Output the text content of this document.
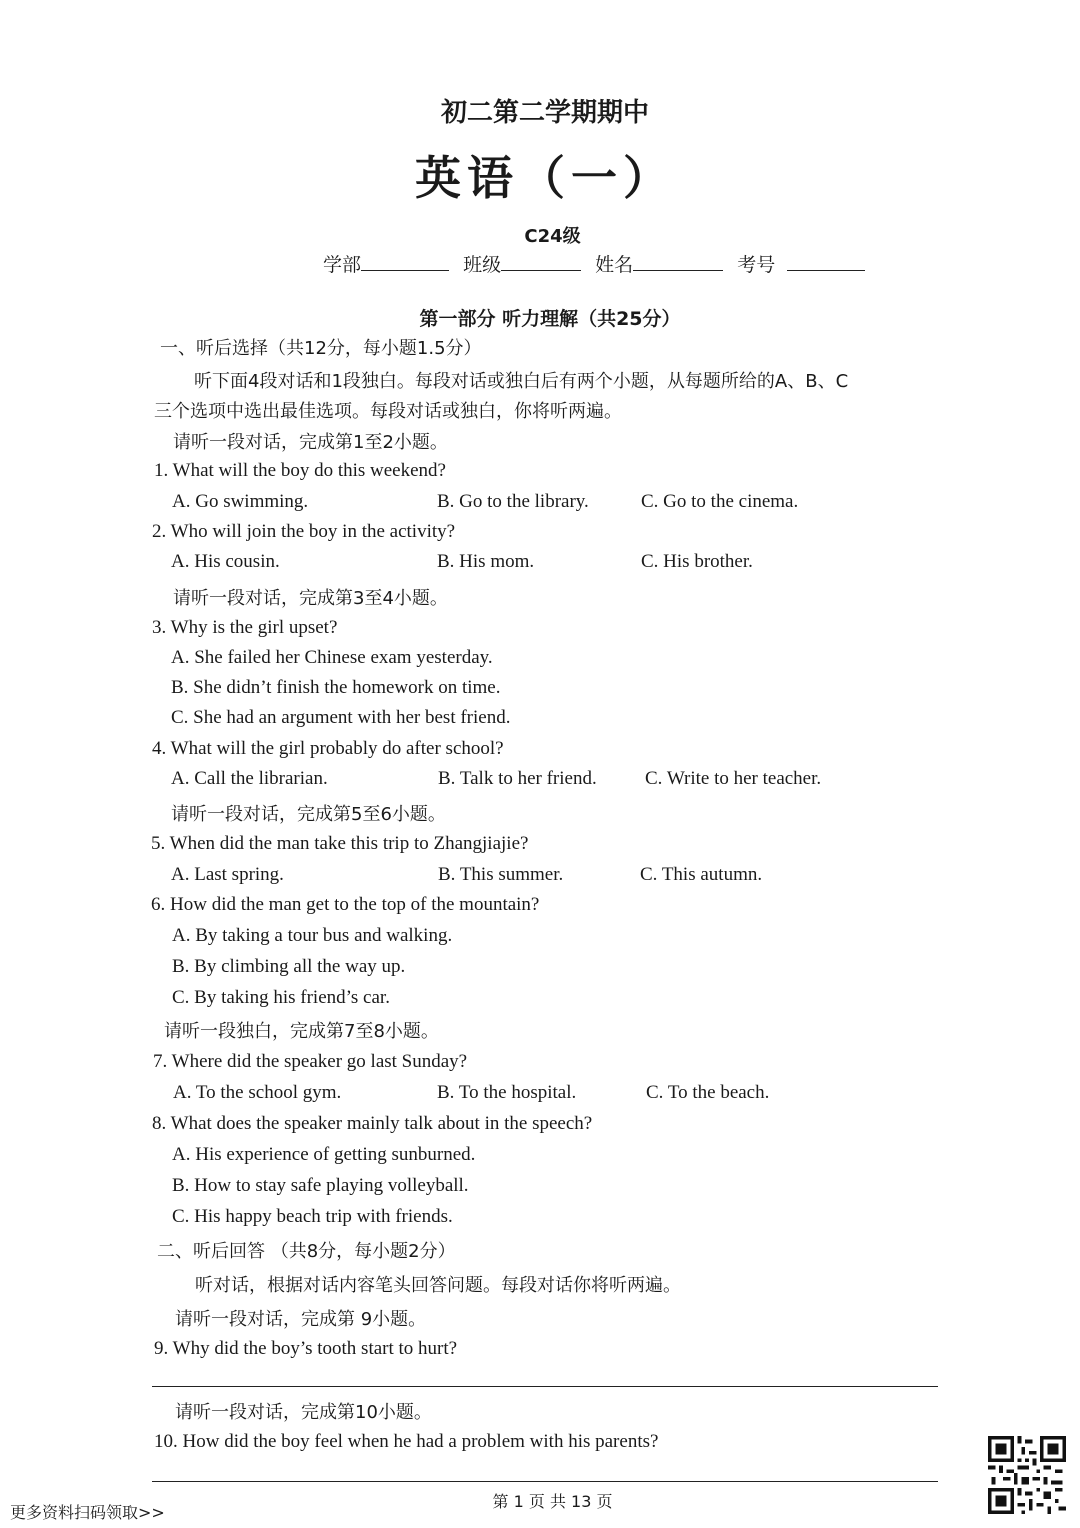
初二第二学期期中
英语（一）
C24级
学部	班级	姓名	考号
第一部分 听力理解（共25分）
一、听后选择（共12分，每小题1.5分）
听下面4段对话和1段独白。每段对话或独白后有两个小题，从每题所给的A、B、C
三个选项中选出最佳选项。每段对话或独白，你将听两遍。
请听一段对话，完成第1至2小题。
1. What will the boy do this weekend?
A. Go swimming.	B. Go to the library.	C. Go to the cinema.
2. Who will join the boy in the activity?
A. His cousin.	B. His mom.	C. His brother.
请听一段对话，完成第3至4小题。
3. Why is the girl upset?
A. She failed her Chinese exam yesterday.
B. She didn’t finish the homework on time.
C. She had an argument with her best friend.
4. What will the girl probably do after school?
A. Call the librarian.	B. Talk to her friend.	C. Write to her teacher.
请听一段对话，完成第5至6小题。
5. When did the man take this trip to Zhangjiajie?
A. Last spring.	B. This summer.	C. This autumn.
6. How did the man get to the top of the mountain?
A. By taking a tour bus and walking.
B. By climbing all the way up.
C. By taking his friend’s car.
请听一段独白，完成第7至8小题。
7. Where did the speaker go last Sunday?
A. To the school gym.	B. To the hospital.	C. To the beach.
8. What does the speaker mainly talk about in the speech?
A. His experience of getting sunburned.
B. How to stay safe playing volleyball.
C. His happy beach trip with friends.
二、听后回答 （共8分，每小题2分）
听对话，根据对话内容笔头回答问题。每段对话你将听两遍。
请听一段对话，完成第 9小题。
9. Why did the boy’s tooth start to hurt?
请听一段对话，完成第10小题。
10. How did the boy feel when he had a problem with his parents?
第 1 页 共 13 页
更多资料扫码领取>>
